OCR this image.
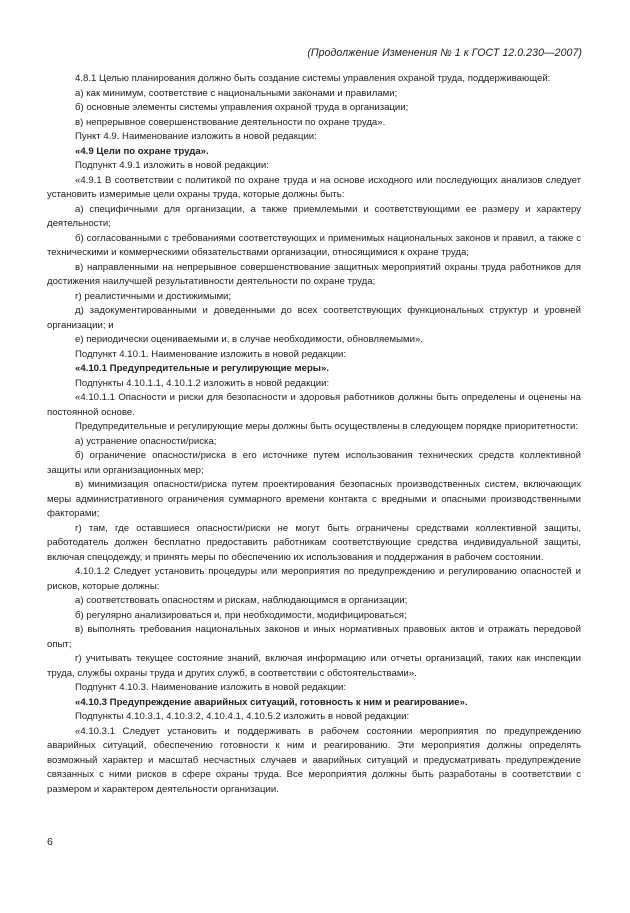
(Продолжение Изменения № 1 к ГОСТ 12.0.230—2007)

4.8.1 Целью планирования должно быть создание системы управления охраной труда, поддерживающей:

а) как минимум, соответствие с национальными законами и правилами;

б) основные элементы системы управления охраной труда в организации;

в) непрерывное совершенствование деятельности по охране труда».

Пункт 4.9. Наименование изложить в новой редакции:

«4.9 Цели по охране труда».

Подпункт 4.9.1 изложить в новой редакции:

«4.9.1 В соответствии с политикой по охране труда и на основе исходного или последующих анализов следует установить измеримые цели охраны труда, которые должны быть:

а) специфичными для организации, а также приемлемыми и соответствующими ее размеру и характеру деятельности;

б) согласованными с требованиями соответствующих и применимых национальных законов и правил, а также с техническими и коммерческими обязательствами организации, относящимися к охране труда;

в) направленными на непрерывное совершенствование защитных мероприятий охраны труда работников для достижения наилучшей результативности деятельности по охране труда;

г) реалистичными и достижимыми;

д) задокументированными и доведенными до всех соответствующих функциональных структур и уровней организации; и

е) периодически оцениваемыми и, в случае необходимости, обновляемыми».

Подпункт 4.10.1. Наименование изложить в новой редакции:

«4.10.1 Предупредительные и регулирующие меры».

Подпункты 4.10.1.1, 4.10.1.2 изложить в новой редакции:

«4.10.1.1 Опасности и риски для безопасности и здоровья работников должны быть определены и оценены на постоянной основе.

Предупредительные и регулирующие меры должны быть осуществлены в следующем порядке приоритетности:

а) устранение опасности/риска;

б) ограничение опасности/риска в его источнике путем использования технических средств коллективной защиты или организационных мер;

в) минимизация опасности/риска путем проектирования безопасных производственных систем, включающих меры административного ограничения суммарного времени контакта с вредными и опасными производственными факторами;

г) там, где оставшиеся опасности/риски не могут быть ограничены средствами коллективной защиты, работодатель должен бесплатно предоставить работникам соответствующие средства индивидуальной защиты, включая спецодежду, и принять меры по обеспечению их использования и поддержания в рабочем состоянии.

4.10.1.2 Следует установить процедуры или мероприятия по предупреждению и регулированию опасностей и рисков, которые должны:

а) соответствовать опасностям и рискам, наблюдающимся в организации;

б) регулярно анализироваться и, при необходимости, модифицироваться;

в) выполнять требования национальных законов и иных нормативных правовых актов и отражать передовой опыт;

г) учитывать текущее состояние знаний, включая информацию или отчеты организаций, таких как инспекции труда, службы охраны труда и других служб, в соответствии с обстоятельствами».

Подпункт 4.10.3. Наименование изложить в новой редакции:

«4.10.3 Предупреждение аварийных ситуаций, готовность к ним и реагирование».

Подпункты 4.10.3.1, 4.10.3.2, 4.10.4.1, 4.10.5.2 изложить в новой редакции:

«4.10.3.1 Следует установить и поддерживать в рабочем состоянии мероприятия по предупреждению аварийных ситуаций, обеспечению готовности к ним и реагированию. Эти мероприятия должны определять возможный характер и масштаб несчастных случаев и аварийных ситуаций и предусматривать предупреждение связанных с ними рисков в сфере охраны труда. Все мероприятия должны быть разработаны в соответствии с размером и характером деятельности организации.

6
